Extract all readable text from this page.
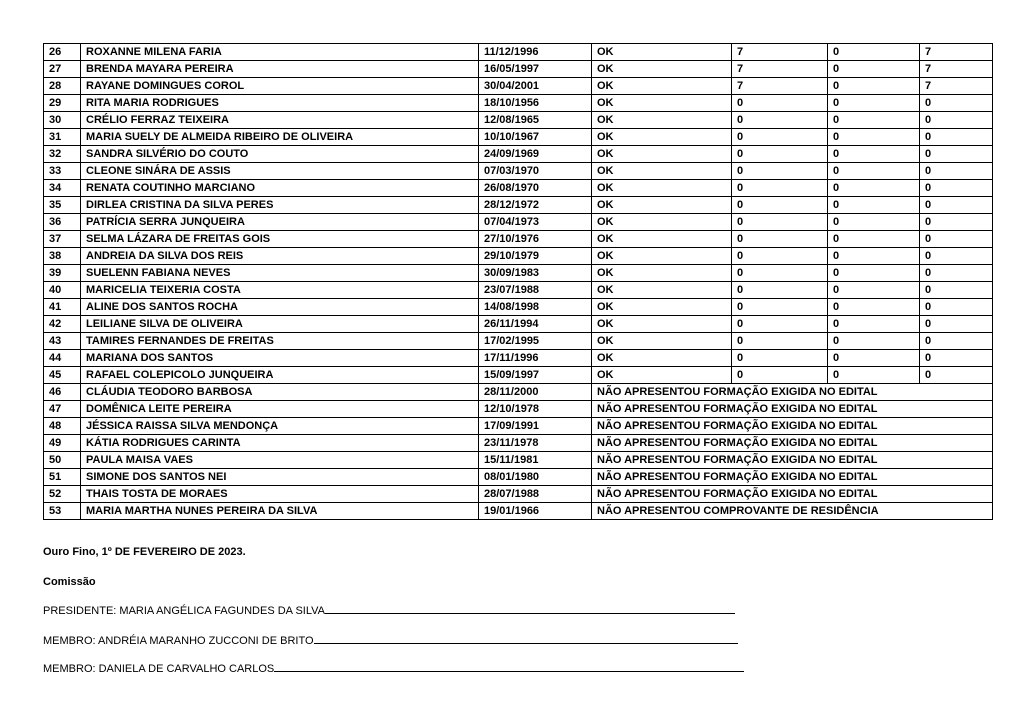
26	ROXANNE MILENA FARIA	11/12/1996	OK	7	0	7
27	BRENDA MAYARA PEREIRA	16/05/1997	OK	7	0	7
28	RAYANE DOMINGUES COROL	30/04/2001	OK	7	0	7
29	RITA MARIA RODRIGUES	18/10/1956	OK	0	0	0
30	CRÉLIO FERRAZ TEIXEIRA	12/08/1965	OK	0	0	0
31	MARIA SUELY DE ALMEIDA RIBEIRO DE OLIVEIRA	10/10/1967	OK	0	0	0
32	SANDRA SILVÉRIO DO COUTO	24/09/1969	OK	0	0	0
33	CLEONE SINÁRA DE ASSIS	07/03/1970	OK	0	0	0
34	RENATA COUTINHO MARCIANO	26/08/1970	OK	0	0	0
35	DIRLEA CRISTINA DA SILVA PERES	28/12/1972	OK	0	0	0
36	PATRÍCIA SERRA JUNQUEIRA	07/04/1973	OK	0	0	0
37	SELMA LÁZARA DE FREITAS GOIS	27/10/1976	OK	0	0	0
38	ANDREIA DA SILVA DOS REIS	29/10/1979	OK	0	0	0
39	SUELENN FABIANA NEVES	30/09/1983	OK	0	0	0
40	MARICELIA TEIXERIA COSTA	23/07/1988	OK	0	0	0
41	ALINE DOS SANTOS ROCHA	14/08/1998	OK	0	0	0
42	LEILIANE SILVA DE OLIVEIRA	26/11/1994	OK	0	0	0
43	TAMIRES FERNANDES DE FREITAS	17/02/1995	OK	0	0	0
44	MARIANA DOS SANTOS	17/11/1996	OK	0	0	0
45	RAFAEL COLEPICOLO JUNQUEIRA	15/09/1997	OK	0	0	0
46	CLÁUDIA TEODORO BARBOSA	28/11/2000	NÃO APRESENTOU FORMAÇÃO EXIGIDA NO EDITAL			
47	DOMÊNICA LEITE PEREIRA	12/10/1978	NÃO APRESENTOU FORMAÇÃO EXIGIDA NO EDITAL			
48	JÉSSICA RAISSA SILVA MENDONÇA	17/09/1991	NÃO APRESENTOU FORMAÇÃO EXIGIDA NO EDITAL			
49	KÁTIA RODRIGUES CARINTA	23/11/1978	NÃO APRESENTOU FORMAÇÃO EXIGIDA NO EDITAL			
50	PAULA MAISA VAES	15/11/1981	NÃO APRESENTOU FORMAÇÃO EXIGIDA NO EDITAL			
51	SIMONE DOS SANTOS NEI	08/01/1980	NÃO APRESENTOU FORMAÇÃO EXIGIDA NO EDITAL			
52	THAIS TOSTA DE MORAES	28/07/1988	NÃO APRESENTOU FORMAÇÃO EXIGIDA NO EDITAL			
53	MARIA MARTHA NUNES PEREIRA DA SILVA	19/01/1966	NÃO APRESENTOU COMPROVANTE DE RESIDÊNCIA			
Ouro Fino, 1º DE FEVEREIRO DE 2023.
Comissão
PRESIDENTE: MARIA ANGÉLICA FAGUNDES DA SILVA
MEMBRO: ANDRÉIA MARANHO ZUCCONI DE BRITO
MEMBRO: DANIELA DE CARVALHO CARLOS
